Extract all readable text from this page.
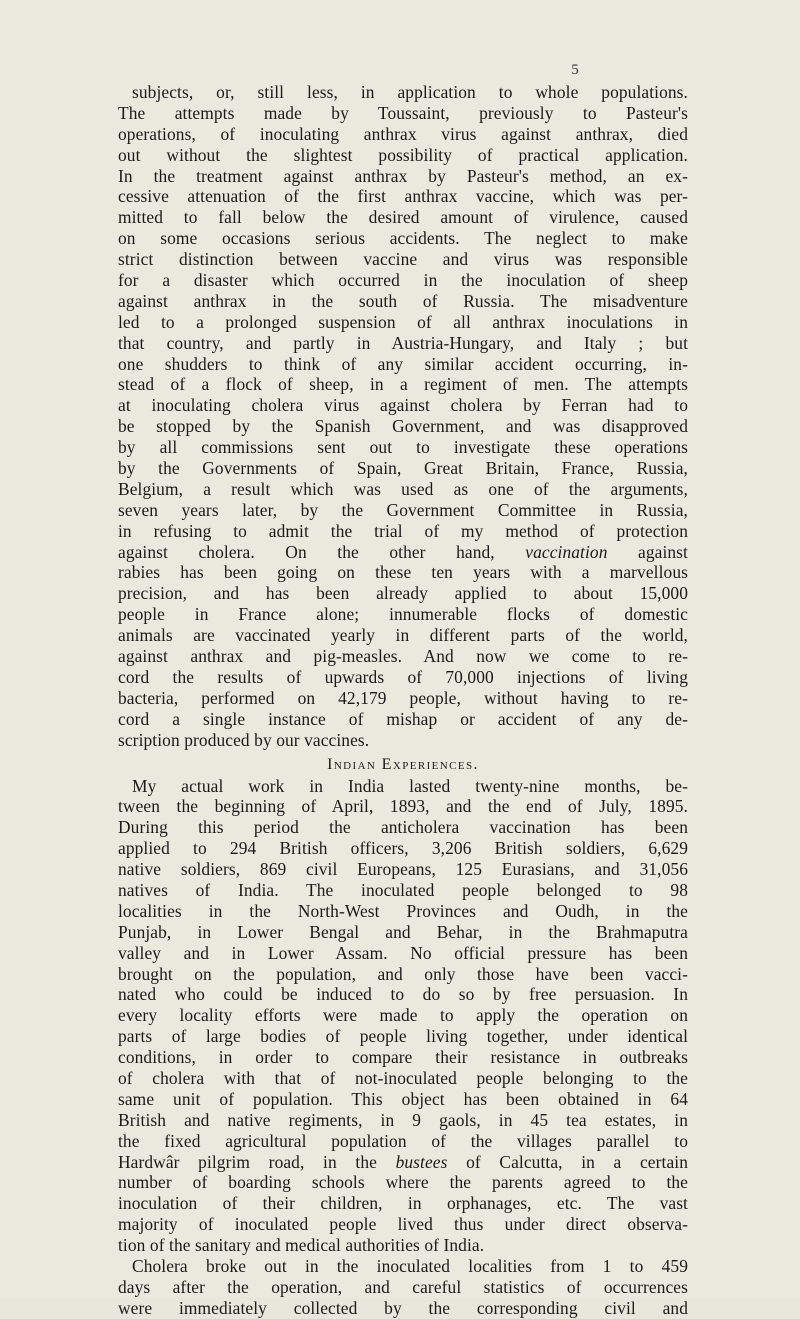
5
subjects, or, still less, in application to whole populations.
The attempts made by Toussaint, previously to Pasteur's
operations, of inoculating anthrax virus against anthrax, died
out without the slightest possibility of practical application.
In the treatment against anthrax by Pasteur's method, an ex-
cessive attenuation of the first anthrax vaccine, which was per-
mitted to fall below the desired amount of virulence, caused
on some occasions serious accidents. The neglect to make
strict distinction between vaccine and virus was responsible
for a disaster which occurred in the inoculation of sheep
against anthrax in the south of Russia. The misadventure
led to a prolonged suspension of all anthrax inoculations in
that country, and partly in Austria-Hungary, and Italy ; but
one shudders to think of any similar accident occurring, in-
stead of a flock of sheep, in a regiment of men. The attempts
at inoculating cholera virus against cholera by Ferran had to
be stopped by the Spanish Government, and was disapproved
by all commissions sent out to investigate these operations
by the Governments of Spain, Great Britain, France, Russia,
Belgium, a result which was used as one of the arguments,
seven years later, by the Government Committee in Russia,
in refusing to admit the trial of my method of protection
against cholera. On the other hand, vaccination against
rabies has been going on these ten years with a marvellous
precision, and has been already applied to about 15,000
people in France alone; innumerable flocks of domestic
animals are vaccinated yearly in different parts of the world,
against anthrax and pig-measles. And now we come to re-
cord the results of upwards of 70,000 injections of living
bacteria, performed on 42,179 people, without having to re-
cord a single instance of mishap or accident of any de-
scription produced by our vaccines.
Indian Experiences.
My actual work in India lasted twenty-nine months, be-
tween the beginning of April, 1893, and the end of July, 1895.
During this period the anticholera vaccination has been
applied to 294 British officers, 3,206 British soldiers, 6,629
native soldiers, 869 civil Europeans, 125 Eurasians, and 31,056
natives of India. The inoculated people belonged to 98
localities in the North-West Provinces and Oudh, in the
Punjab, in Lower Bengal and Behar, in the Brahmaputra
valley and in Lower Assam. No official pressure has been
brought on the population, and only those have been vacci-
nated who could be induced to do so by free persuasion. In
every locality efforts were made to apply the operation on
parts of large bodies of people living together, under identical
conditions, in order to compare their resistance in outbreaks
of cholera with that of not-inoculated people belonging to the
same unit of population. This object has been obtained in 64
British and native regiments, in 9 gaols, in 45 tea estates, in
the fixed agricultural population of the villages parallel to
Hardwâr pilgrim road, in the bustees of Calcutta, in a certain
number of boarding schools where the parents agreed to the
inoculation of their children, in orphanages, etc. The vast
majority of inoculated people lived thus under direct observa-
tion of the sanitary and medical authorities of India.
Cholera broke out in the inoculated localities from 1 to 459
days after the operation, and careful statistics of occurrences
were immediately collected by the corresponding civil and
